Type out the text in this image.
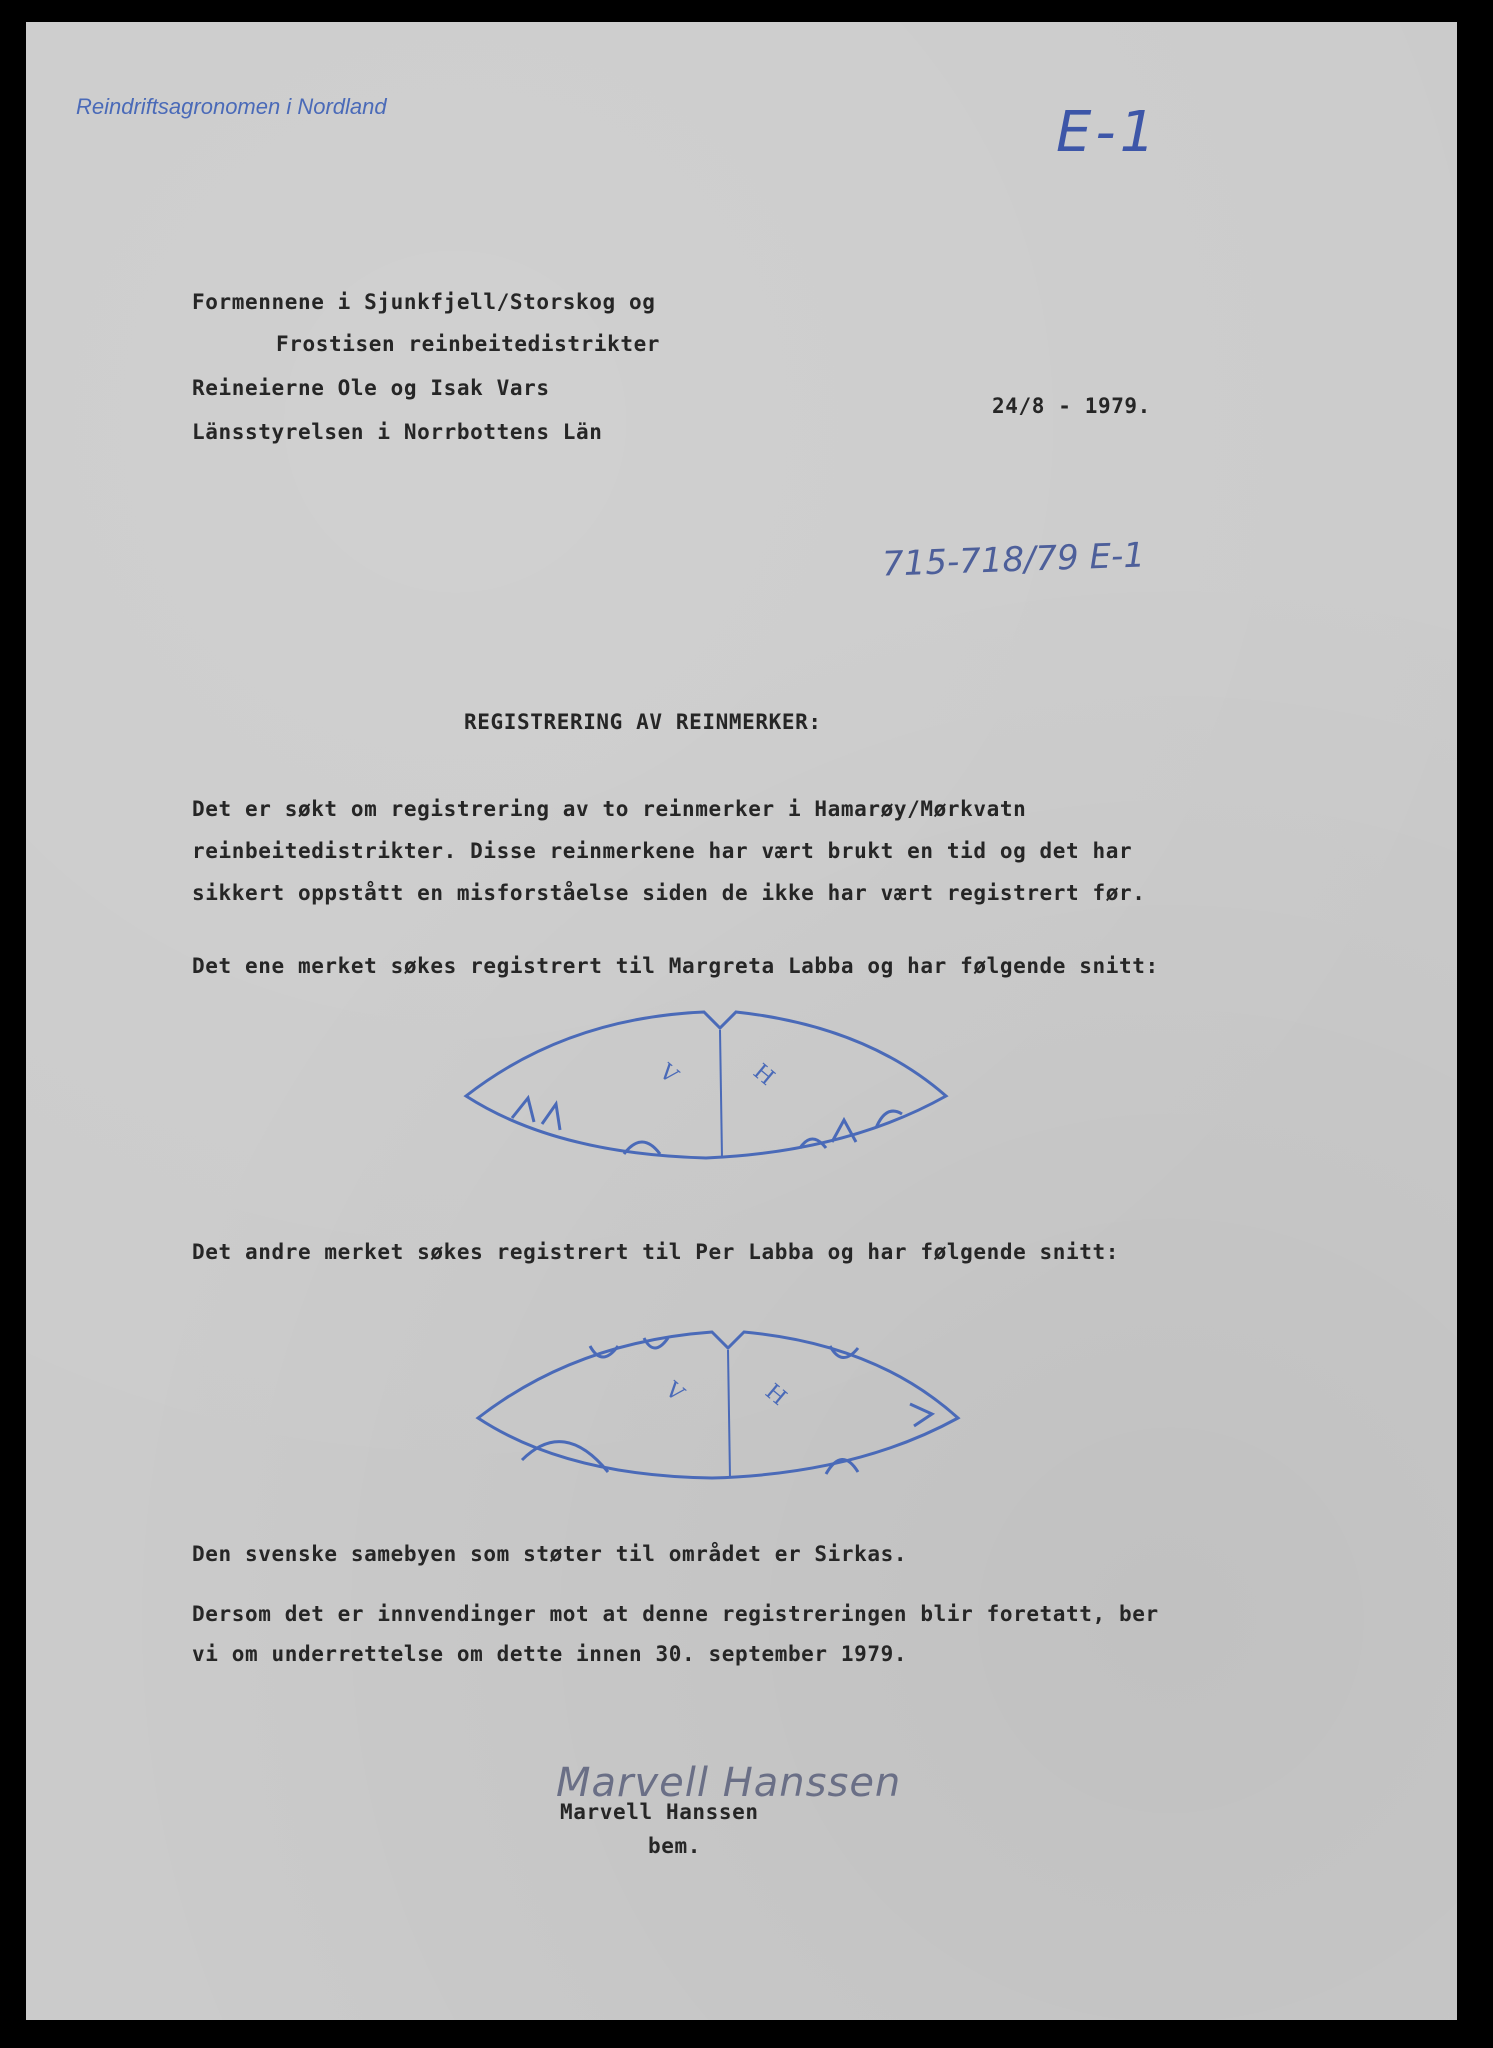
Reindriftsagronomen i Nordland	E-1

Formennene i Sjunkfjell/Storskog og

Frostisen reinbeitedistrikter

Reineierne Ole og Isak Vars

Länsstyrelsen i Norrbottens Län

24/8 - 1979.

715-718/79 E-1

REGISTRERING AV REINMERKER:

Det er søkt om registrering av to reinmerker i Hamarøy/Mørkvatn

reinbeitedistrikter. Disse reinmerkene har vært brukt en tid og det har

sikkert oppstått en misforståelse siden de ikke har vært registrert før.

Det ene merket søkes registrert til Margreta Labba og har følgende snitt:

V	H

Det andre merket søkes registrert til Per Labba og har følgende snitt:

V	H

Den svenske samebyen som støter til området er Sirkas.

Dersom det er innvendinger mot at denne registreringen blir foretatt, ber

vi om underrettelse om dette innen 30. september 1979.

Marvell Hanssen

Marvell Hanssen

bem.
